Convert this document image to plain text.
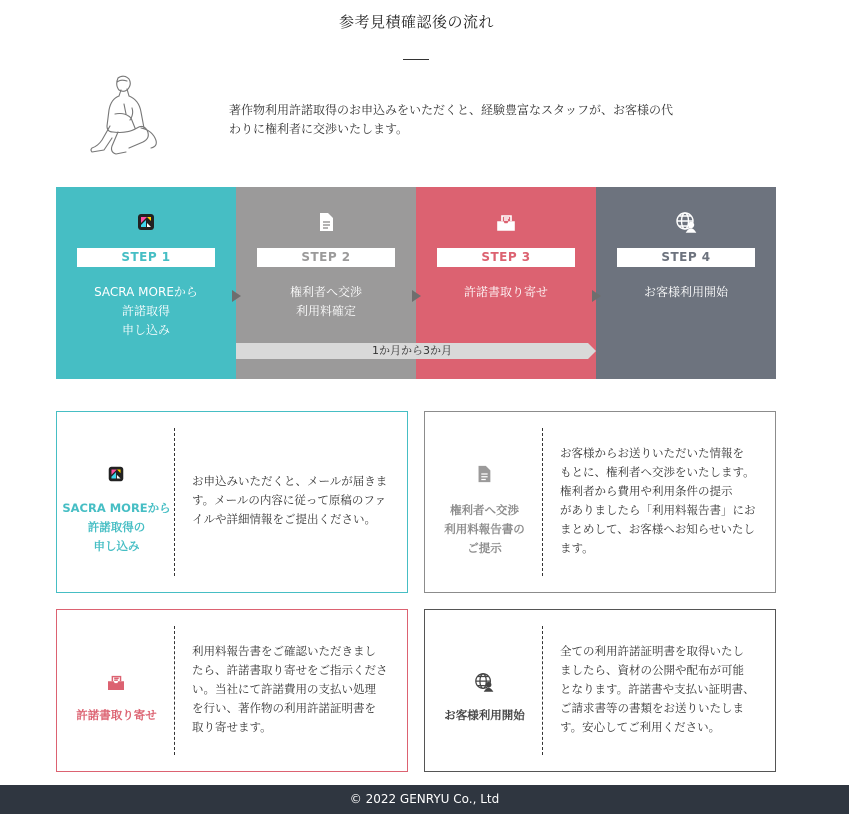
参考見積確認後の流れ
著作物利用許諾取得のお申込みをいただくと、経験豊富なスタッフが、お客様の代
わりに権利者に交渉いたします。
STEP 1
SACRA MOREから
許諾取得
申し込み
STEP 2
権利者へ交渉
利用料確定
STEP 3
許諾書取り寄せ
STEP 4
お客様利用開始
1か月から3か月
SACRA MOREから
許諾取得の
申し込み
お申込みいただくと、メールが届きま
す。メールの内容に従って原稿のファ
イルや詳細情報をご提出ください。
権利者へ交渉
利用料報告書の
ご提示
お客様からお送りいただいた情報を
もとに、権利者へ交渉をいたします。
権利者から費用や利用条件の提示
がありましたら「利用料報告書」にお
まとめして、お客様へお知らせいたし
ます。
許諾書取り寄せ
利用料報告書をご確認いただきまし
たら、許諾書取り寄せをご指示くださ
い。当社にて許諾費用の支払い処理
を行い、著作物の利用許諾証明書を
取り寄せます。
お客様利用開始
全ての利用許諾証明書を取得いたし
ましたら、資材の公開や配布が可能
となります。許諾書や支払い証明書、
ご請求書等の書類をお送りいたしま
す。安心してご利用ください。
© 2022 GENRYU Co., Ltd
